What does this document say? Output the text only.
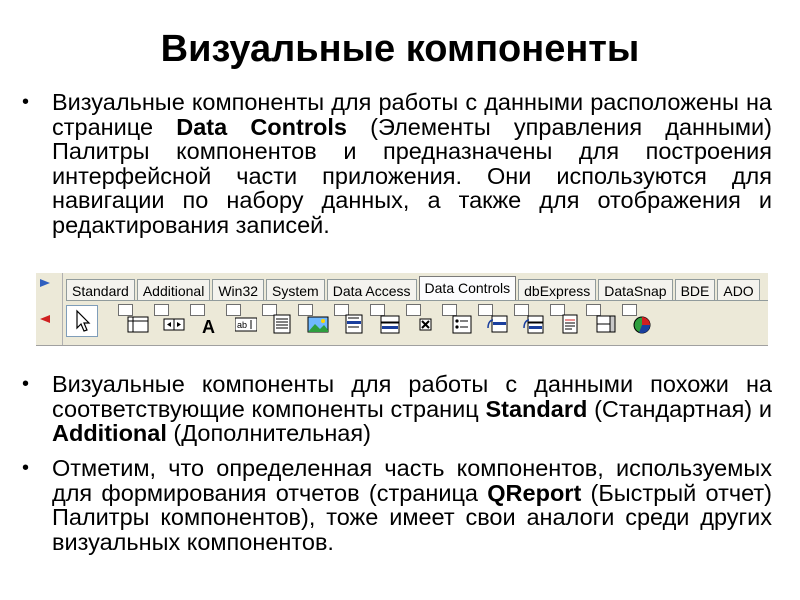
Визуальные компоненты
• Визуальные компоненты для работы с данными расположены на странице Data Controls (Элементы управления данными) Палитры компонентов и предназначены для построения интерфейсной части приложения. Они используются для навигации по набору данных, а также для отображения и редактирования записей.
Standard	Additional	Win32	System	Data Access	Data Controls	dbExpress	DataSnap	BDE	ADO
A ab
• Визуальные компоненты для работы с данными похожи на соответствующие компоненты страниц Standard (Стандартная) и Additional (Дополнительная)
• Отметим, что определенная часть компонентов, используемых для формирования отчетов (страница QReport (Быстрый отчет) Палитры компонентов), тоже имеет свои аналоги среди других визуальных компонентов.
